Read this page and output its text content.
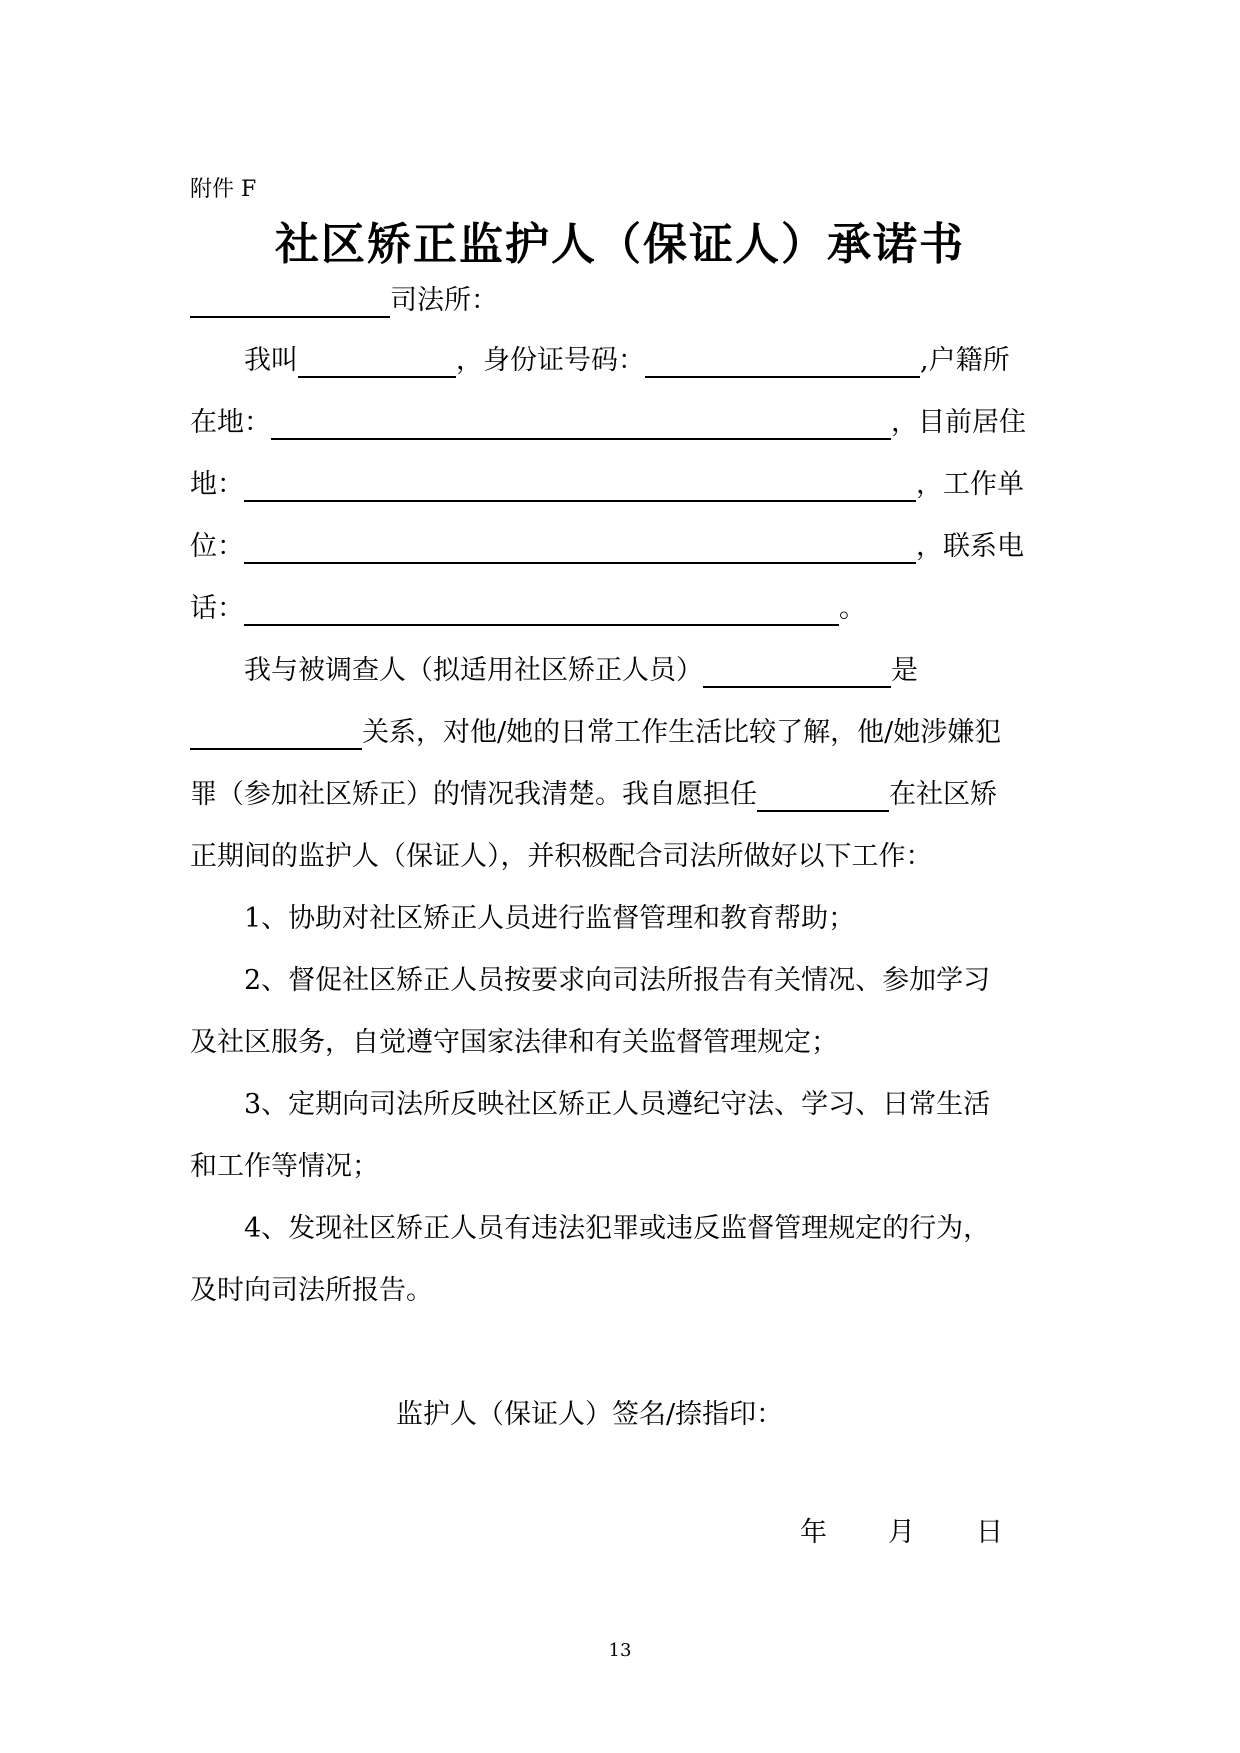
附件 F
社区矫正监护人（保证人）承诺书
司法所：
我叫	，身份证号码：	,户籍所
在地：	，目前居住
地：	，工作单
位：	，联系电
话：	。
我与被调查人（拟适用社区矫正人员）	是
关系，对他/她的日常工作生活比较了解，他/她涉嫌犯
罪（参加社区矫正）的情况我清楚。我自愿担任	在社区矫
正期间的监护人（保证人），并积极配合司法所做好以下工作：
1、协助对社区矫正人员进行监督管理和教育帮助；
2、督促社区矫正人员按要求向司法所报告有关情况、参加学习
及社区服务，自觉遵守国家法律和有关监督管理规定；
3、定期向司法所反映社区矫正人员遵纪守法、学习、日常生活
和工作等情况；
4、发现社区矫正人员有违法犯罪或违反监督管理规定的行为，
及时向司法所报告。
监护人（保证人）签名/捺指印：
年 月 日
13
